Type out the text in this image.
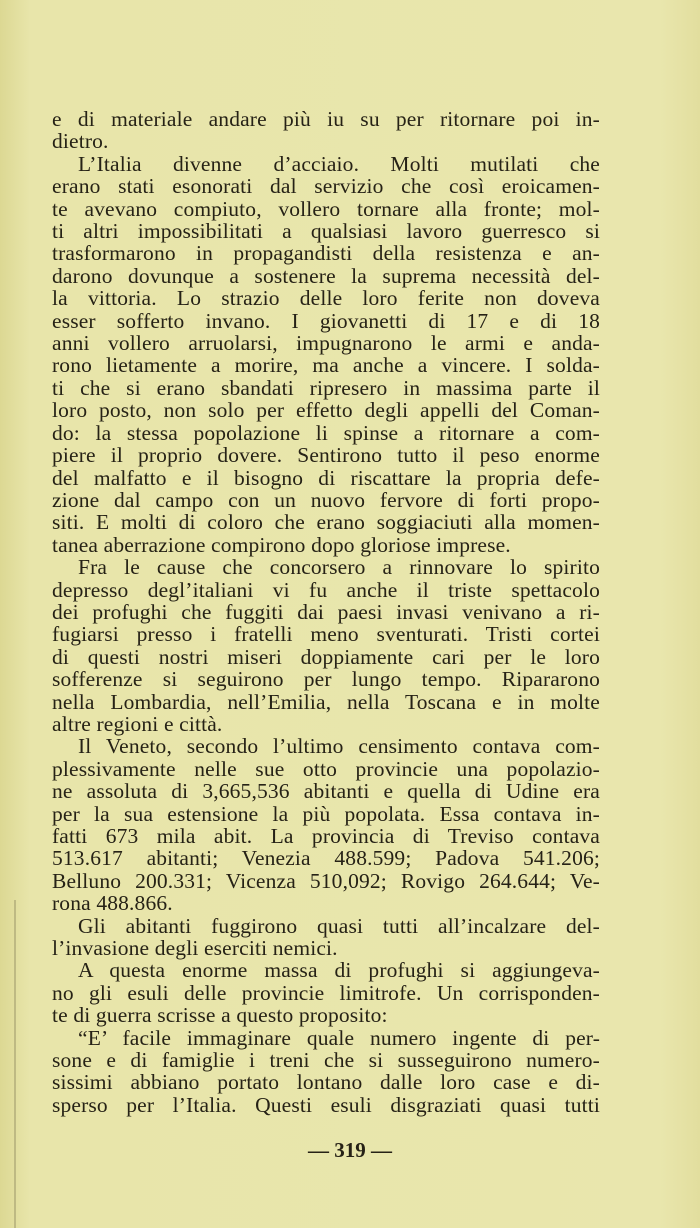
e di materiale andare più iu su per ritornare poi in-
dietro.
L’Italia divenne d’acciaio. Molti mutilati che
erano stati esonorati dal servizio che così eroicamen-
te avevano compiuto, vollero tornare alla fronte; mol-
ti altri impossibilitati a qualsiasi lavoro guerresco si
trasformarono in propagandisti della resistenza e an-
darono dovunque a sostenere la suprema necessità del-
la vittoria. Lo strazio delle loro ferite non doveva
esser sofferto invano. I giovanetti di 17 e di 18
anni vollero arruolarsi, impugnarono le armi e anda-
rono lietamente a morire, ma anche a vincere. I solda-
ti che si erano sbandati ripresero in massima parte il
loro posto, non solo per effetto degli appelli del Coman-
do: la stessa popolazione li spinse a ritornare a com-
piere il proprio dovere. Sentirono tutto il peso enorme
del malfatto e il bisogno di riscattare la propria defe-
zione dal campo con un nuovo fervore di forti propo-
siti. E molti di coloro che erano soggiaciuti alla momen-
tanea aberrazione compirono dopo gloriose imprese.
Fra le cause che concorsero a rinnovare lo spirito
depresso degl’italiani vi fu anche il triste spettacolo
dei profughi che fuggiti dai paesi invasi venivano a ri-
fugiarsi presso i fratelli meno sventurati. Tristi cortei
di questi nostri miseri doppiamente cari per le loro
sofferenze si seguirono per lungo tempo. Ripararono
nella Lombardia, nell’Emilia, nella Toscana e in molte
altre regioni e città.
Il Veneto, secondo l’ultimo censimento contava com-
plessivamente nelle sue otto provincie una popolazio-
ne assoluta di 3,665,536 abitanti e quella di Udine era
per la sua estensione la più popolata. Essa contava in-
fatti 673 mila abit. La provincia di Treviso contava
513.617 abitanti; Venezia 488.599; Padova 541.206;
Belluno 200.331; Vicenza 510,092; Rovigo 264.644; Ve-
rona 488.866.
Gli abitanti fuggirono quasi tutti all’incalzare del-
l’invasione degli eserciti nemici.
A questa enorme massa di profughi si aggiungeva-
no gli esuli delle provincie limitrofe. Un corrisponden-
te di guerra scrisse a questo proposito:
“E’ facile immaginare quale numero ingente di per-
sone e di famiglie i treni che si susseguirono numero-
sissimi abbiano portato lontano dalle loro case e di-
sperso per l’Italia. Questi esuli disgraziati quasi tutti
— 319 —
